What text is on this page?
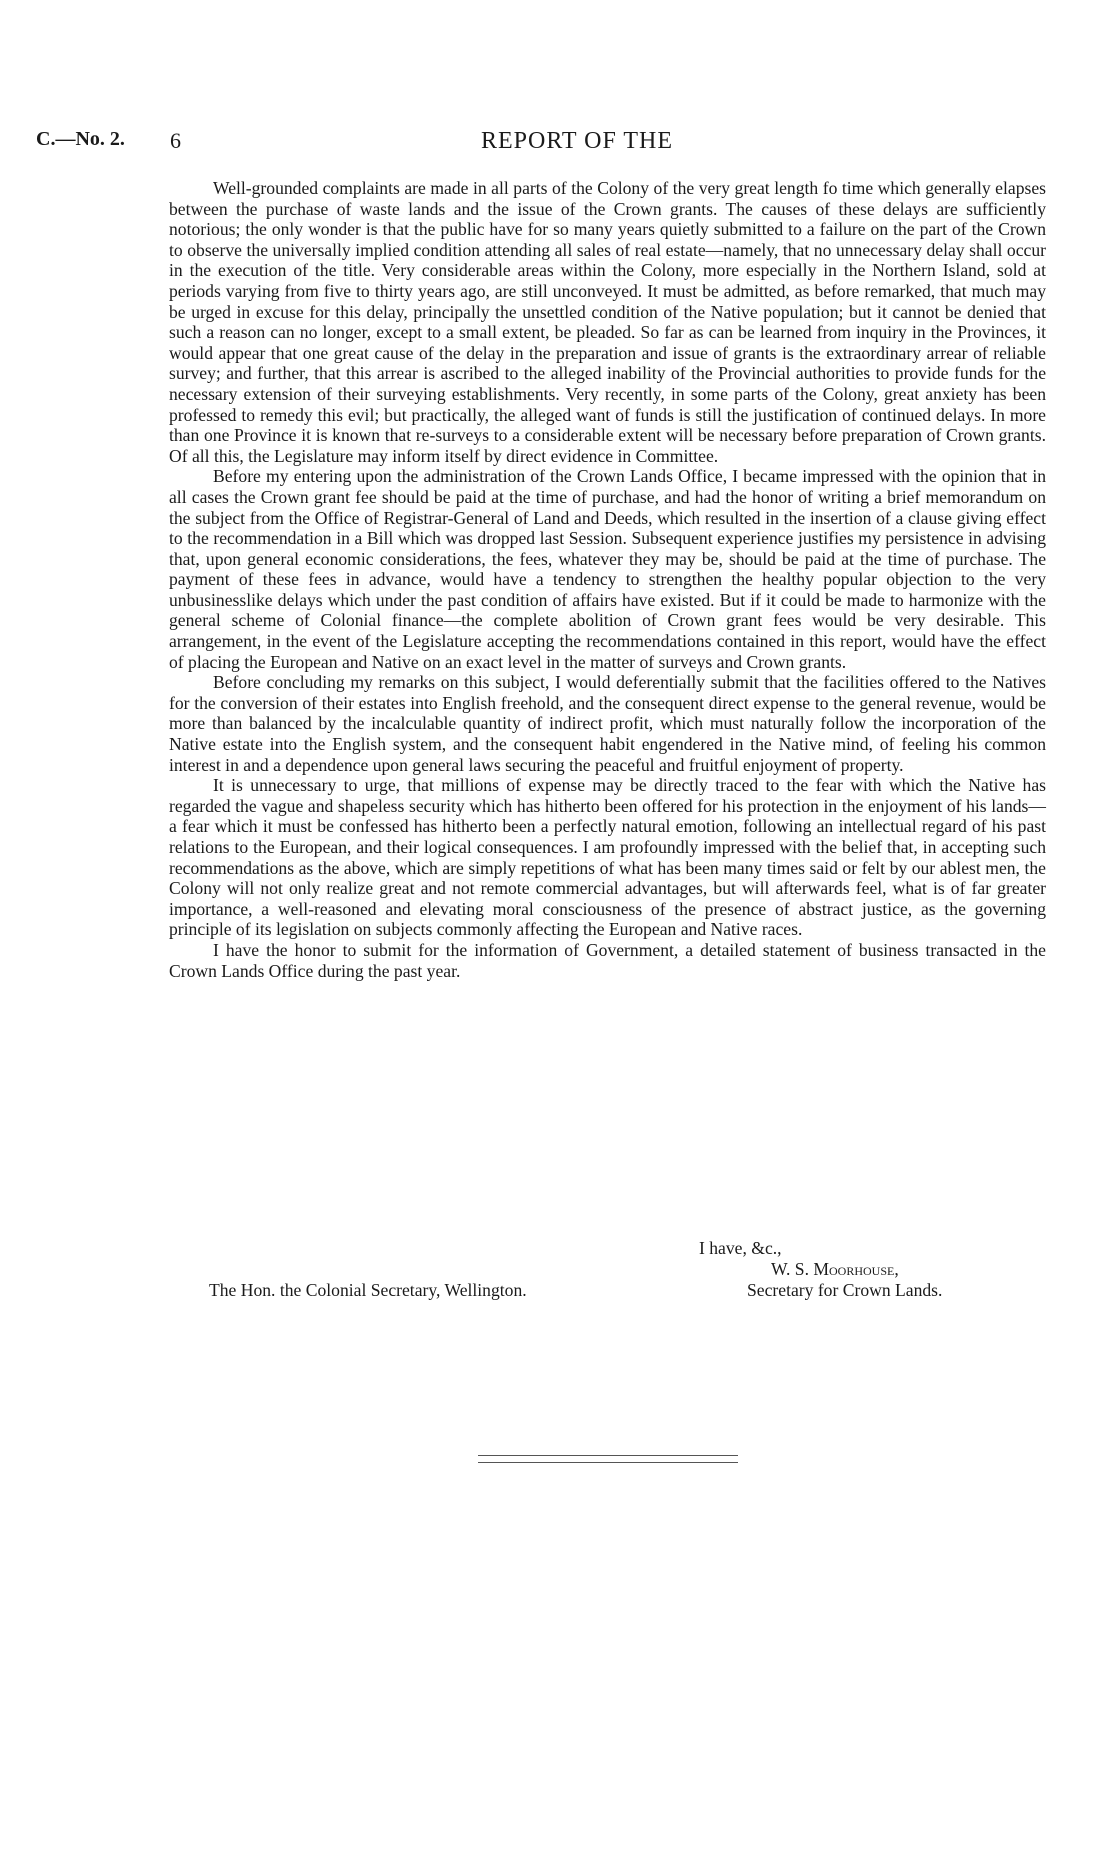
C.—No. 2. 6	REPORT OF THE

Well-grounded complaints are made in all parts of the Colony of the very great length fo time which generally elapses between the purchase of waste lands and the issue of the Crown grants. The causes of these delays are sufficiently notorious; the only wonder is that the public have for so many years quietly submitted to a failure on the part of the Crown to observe the universally implied condition attending all sales of real estate—namely, that no unnecessary delay shall occur in the execution of the title. Very considerable areas within the Colony, more especially in the Northern Island, sold at periods varying from five to thirty years ago, are still unconveyed. It must be admitted, as before remarked, that much may be urged in excuse for this delay, principally the unsettled condition of the Native population; but it cannot be denied that such a reason can no longer, except to a small extent, be pleaded. So far as can be learned from inquiry in the Provinces, it would appear that one great cause of the delay in the preparation and issue of grants is the extraordinary arrear of reliable survey; and further, that this arrear is ascribed to the alleged inability of the Provincial authorities to provide funds for the necessary extension of their surveying establishments. Very recently, in some parts of the Colony, great anxiety has been professed to remedy this evil; but practically, the alleged want of funds is still the justification of continued delays. In more than one Province it is known that re-surveys to a considerable extent will be necessary before preparation of Crown grants. Of all this, the Legislature may inform itself by direct evidence in Committee.

Before my entering upon the administration of the Crown Lands Office, I became impressed with the opinion that in all cases the Crown grant fee should be paid at the time of purchase, and had the honor of writing a brief memorandum on the subject from the Office of Registrar-General of Land and Deeds, which resulted in the insertion of a clause giving effect to the recommendation in a Bill which was dropped last Session. Subsequent experience justifies my persistence in advising that, upon general economic considerations, the fees, whatever they may be, should be paid at the time of purchase. The payment of these fees in advance, would have a tendency to strengthen the healthy popular objection to the very unbusinesslike delays which under the past condition of affairs have existed. But if it could be made to harmonize with the general scheme of Colonial finance—the complete abolition of Crown grant fees would be very desirable. This arrangement, in the event of the Legislature accepting the recommendations contained in this report, would have the effect of placing the European and Native on an exact level in the matter of surveys and Crown grants.

Before concluding my remarks on this subject, I would deferentially submit that the facilities offered to the Natives for the conversion of their estates into English freehold, and the consequent direct expense to the general revenue, would be more than balanced by the incalculable quantity of indirect profit, which must naturally follow the incorporation of the Native estate into the English system, and the consequent habit engendered in the Native mind, of feeling his common interest in and a dependence upon general laws securing the peaceful and fruitful enjoyment of property.

It is unnecessary to urge, that millions of expense may be directly traced to the fear with which the Native has regarded the vague and shapeless security which has hitherto been offered for his protection in the enjoyment of his lands—a fear which it must be confessed has hitherto been a perfectly natural emotion, following an intellectual regard of his past relations to the European, and their logical consequences. I am profoundly impressed with the belief that, in accepting such recommendations as the above, which are simply repetitions of what has been many times said or felt by our ablest men, the Colony will not only realize great and not remote commercial advantages, but will afterwards feel, what is of far greater importance, a well-reasoned and elevating moral consciousness of the presence of abstract justice, as the governing principle of its legislation on subjects commonly affecting the European and Native races.

I have the honor to submit for the information of Government, a detailed statement of business transacted in the Crown Lands Office during the past year.

I have, &c.,
W. S. Moorhouse,
The Hon. the Colonial Secretary, Wellington.	Secretary for Crown Lands.
